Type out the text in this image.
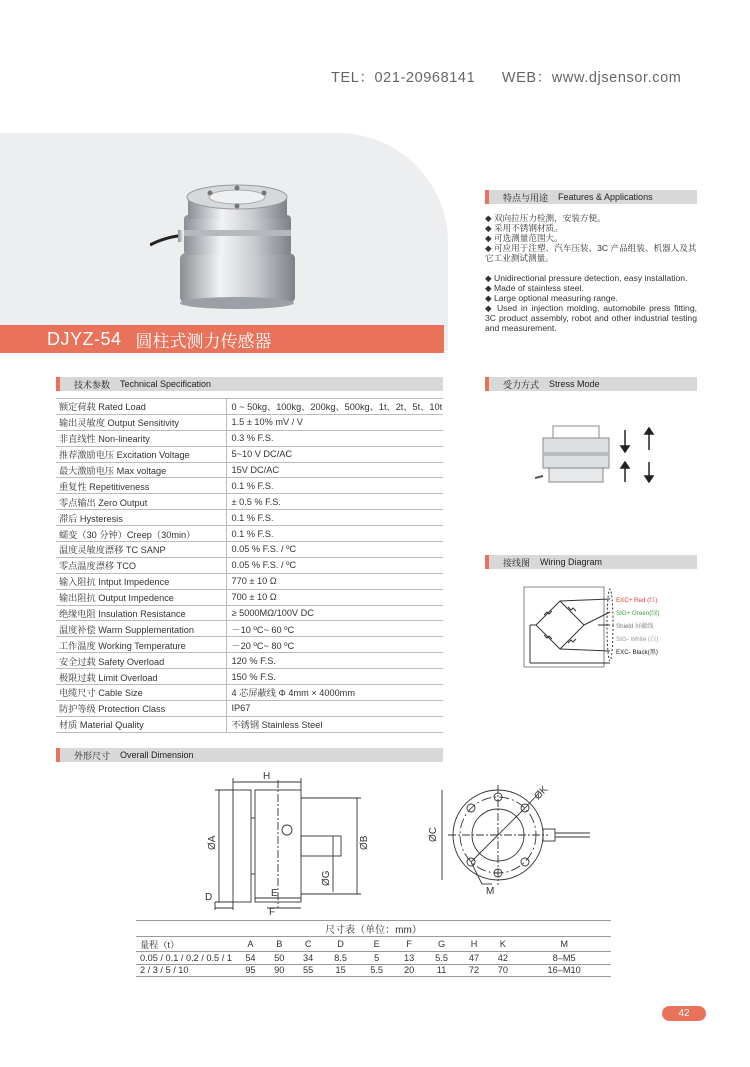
TEL：021-20968141 WEB：www.djsensor.com
DJYZ-54 圆柱式测力传感器
特点与用途 Features & Applications

◆ 双向拉压力检测，安装方便。

◆ 采用不锈钢材质。

◆ 可选测量范围大。

◆ 可应用于注塑、汽车压装、3C 产品组装、机器人及其它工业测试测量。

◆ Unidirectional pressure detection, easy installation.

◆ Made of stainless steel.

◆ Large optional measuring range.

◆ Used in injection molding, automobile press fitting, 3C product assembly, robot and other industrial testing and measurement.

技术参数 Technical Specification
额定荷载 Rated Load	0 ~ 50kg、100kg、200kg、500kg、1t、2t、5t、10t
输出灵敏度 Output Sensitivity	1.5 ± 10% mV / V
非直线性 Non-linearity	0.3 % F.S.
推荐激励电压 Excitation Voltage	5~10 V DC/AC
最大激励电压 Max voltage	15V DC/AC
重复性 Repetitiveness	0.1 % F.S.
零点输出 Zero Output	± 0.5 % F.S.
滞后 Hysteresis	0.1 % F.S.
蠕变（30 分钟）Creep（30min）	0.1 % F.S.
温度灵敏度漂移 TC SANP	0.05 % F.S. / ºC
零点温度漂移 TCO	0.05 % F.S. / ºC
输入阻抗 Intput Impedence	770 ± 10 Ω
输出阻抗 Output Impedence	700 ± 10 Ω
绝缘电阻 Insulation Resistance	≥ 5000MΩ/100V DC
温度补偿 Warm Supplementation	－10 ºC~ 60 ºC
工作温度 Working Temperature	－20 ºC~ 80 ºC
安全过载 Safety Overload	120 % F.S.
极限过载 Limit Overload	150 % F.S.
电缆尺寸 Cable Size	4 芯屏蔽线 Φ 4mm × 4000mm
防护等级 Protection Class	IP67
材质 Material Quality	不锈钢 Stainless Steel
受力方式 Stress Mode
接线图 Wiring Diagram
EXC+ Red (红)
SIG+ Green(绿)
Shield 屏蔽线
SIG- White (白)
EXC- Black(黑)
外形尺寸 Overall Dimension
H
ØA	ØB
ØG
D	E
F
ØC
ØK
M
尺寸表（单位：mm）										
量程（t）	A	B	C	D	E	F	G	H	K	M
0.05 / 0.1 / 0.2 / 0.5 / 1	54	50	34	8.5	5	13	5.5	47	42	8–M5
2 / 3 / 5 / 10	95	90	55	15	5.5	20	11	72	70	16–M10
42
